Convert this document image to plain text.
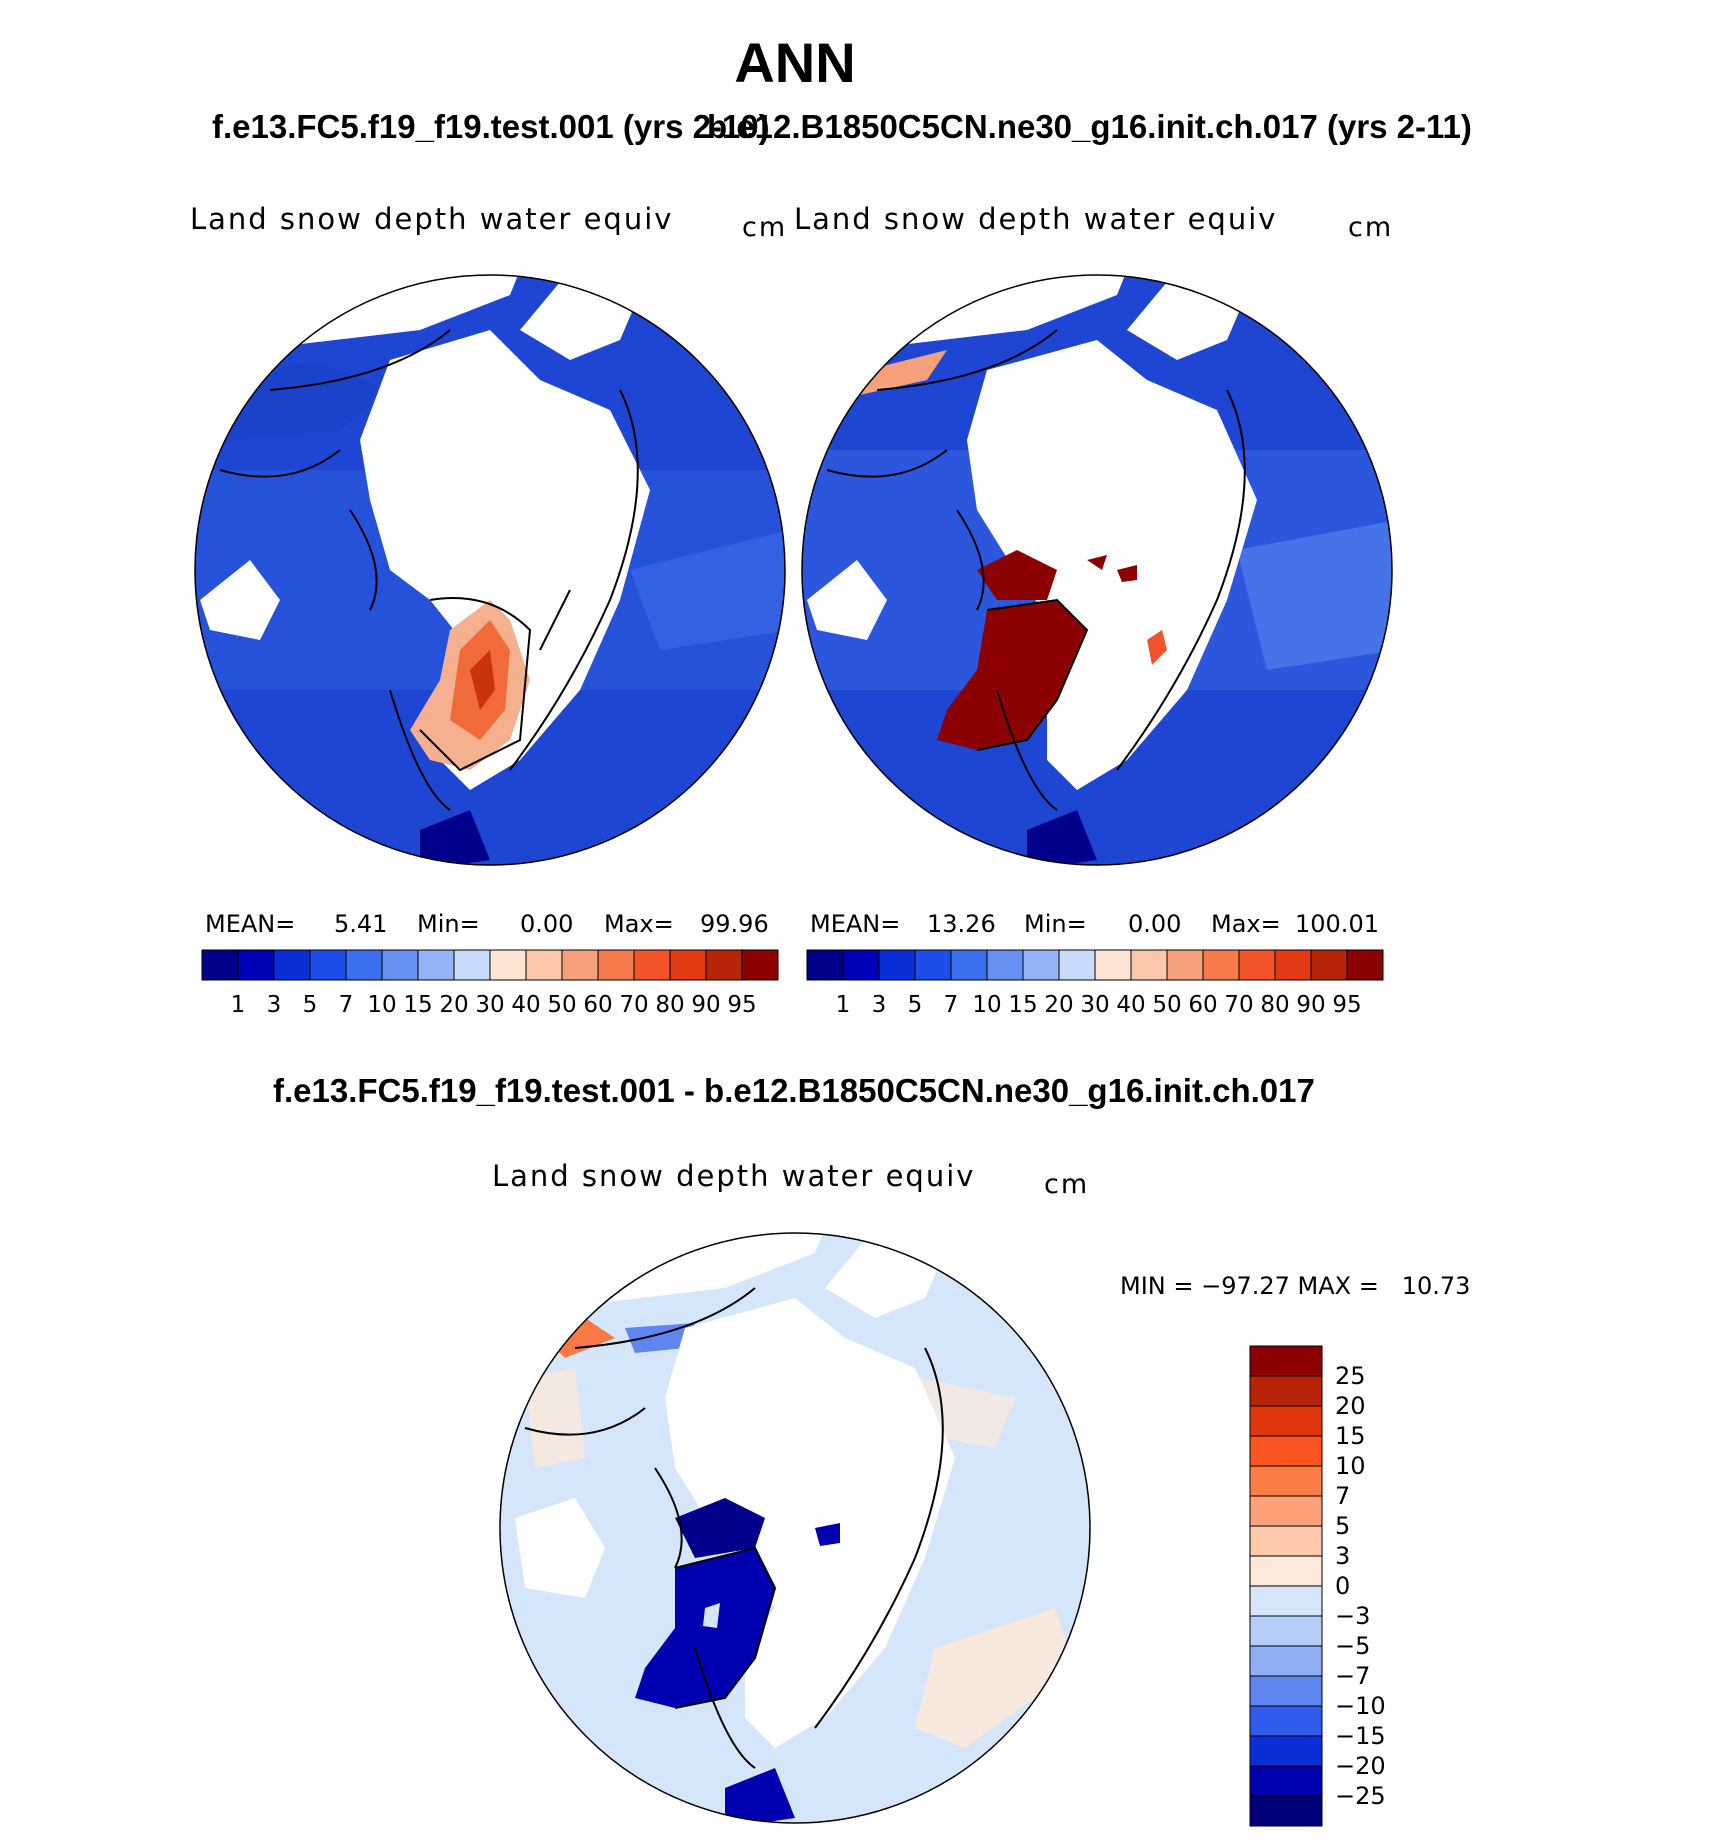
ANN
f.e13.FC5.f19_f19.test.001 (yrs 2-10)
b.e12.B1850C5CN.ne30_g16.init.ch.017 (yrs 2-11)
f.e13.FC5.f19_f19.test.001 - b.e12.B1850C5CN.ne30_g16.init.ch.017
Land snow depth water equiv	cm Land snow depth water equiv	cm
Land snow depth water equiv	cm
MEAN= 5.41 Min= 0.00 Max= 99.96 MEAN= 13.26 Min= 0.00 Max= 100.01
1 3 5 7 10 15 20 30 40 50 60 70 80 90 95	1 3 5 7 10 15 20 30 40 50 60 70 80 90 95
MIN = −97.27 MAX =   10.73
25
20
15
10
7
5
3
0
−3
−5
−7
−10
−15
−20
−25
